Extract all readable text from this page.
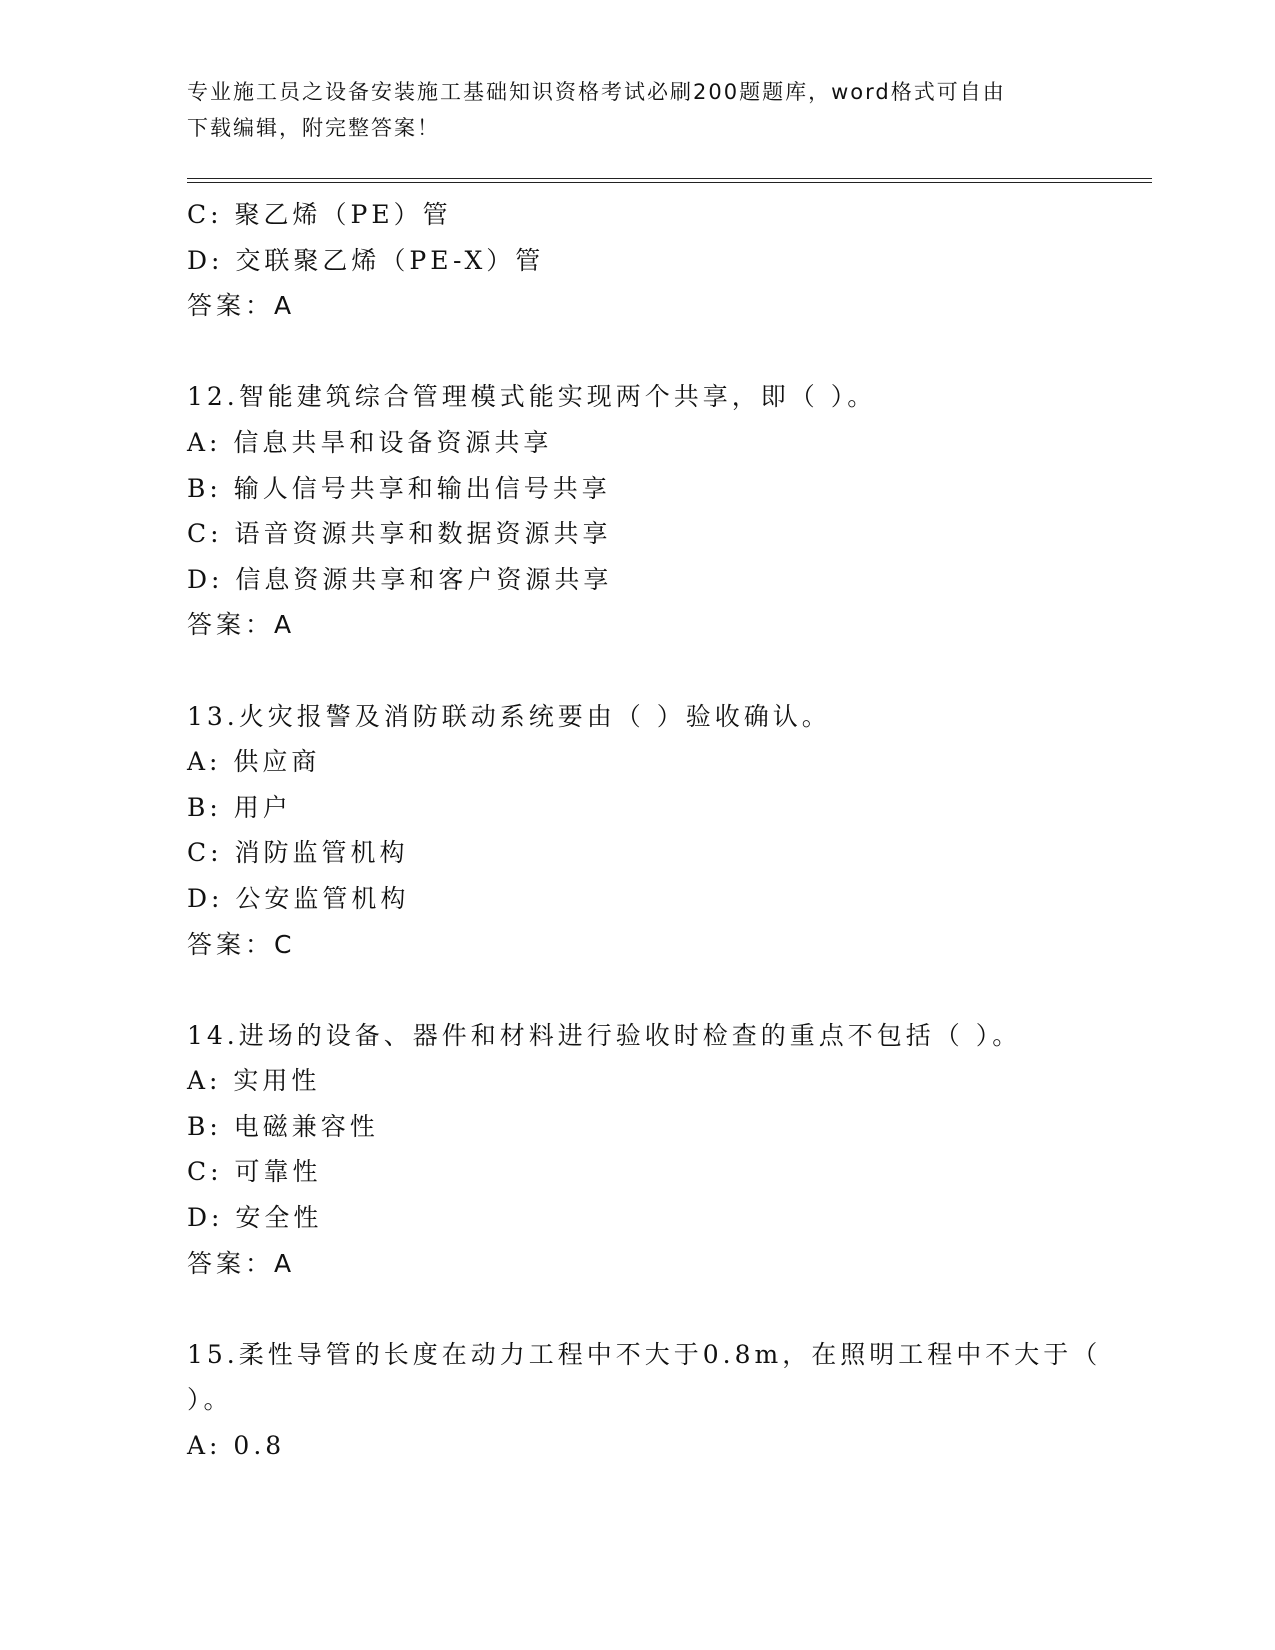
专业施工员之设备安装施工基础知识资格考试必刷200题题库，word格式可自由
下载编辑，附完整答案！
C: 聚乙烯（PE）管
D: 交联聚乙烯（PE-X）管
答案：A
12.智能建筑综合管理模式能实现两个共享，即（ ）。
A: 信息共旱和设备资源共享
B: 输人信号共享和输出信号共享
C: 语音资源共享和数据资源共享
D: 信息资源共享和客户资源共享
答案：A
13.火灾报警及消防联动系统要由（ ）验收确认。
A: 供应商
B: 用户
C: 消防监管机构
D: 公安监管机构
答案：C
14.进场的设备、器件和材料进行验收时检查的重点不包括（ ）。
A: 实用性
B: 电磁兼容性
C: 可靠性
D: 安全性
答案：A
15.柔性导管的长度在动力工程中不大于0.8m，在照明工程中不大于（
）。
A: 0.8
